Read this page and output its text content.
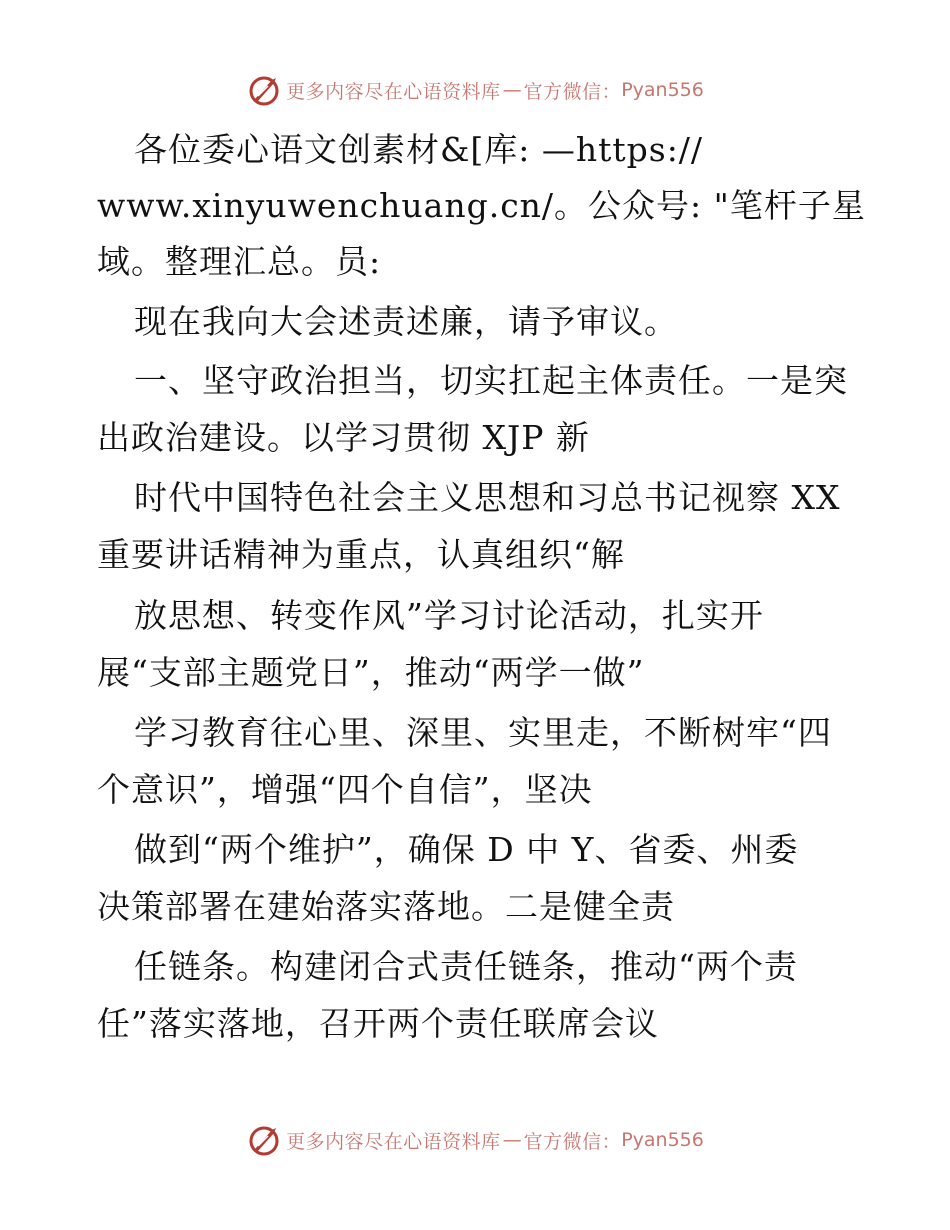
更多内容尽在心语资料库 — 官方微信： Pyan556
各位委心语文创素材&[库: —https://
www.xinyuwenchuang.cn/。公众号: "笔杆子星
域。整理汇总。员:
现在我向大会述责述廉，请予审议。
一、坚守政治担当，切实扛起主体责任。一是突
出政治建设。以学习贯彻 XJP 新
时代中国特色社会主义思想和习总书记视察 XX
重要讲话精神为重点，认真组织“解
放思想、转变作风”学习讨论活动，扎实开
展“支部主题党日”，推动“两学一做”
学习教育往心里、深里、实里走，不断树牢“四
个意识”，增强“四个自信”，坚决
做到“两个维护”，确保 D 中 Y、省委、州委
决策部署在建始落实落地。二是健全责
任链条。构建闭合式责任链条，推动“两个责
任”落实落地，召开两个责任联席会议
更多内容尽在心语资料库 — 官方微信： Pyan556
